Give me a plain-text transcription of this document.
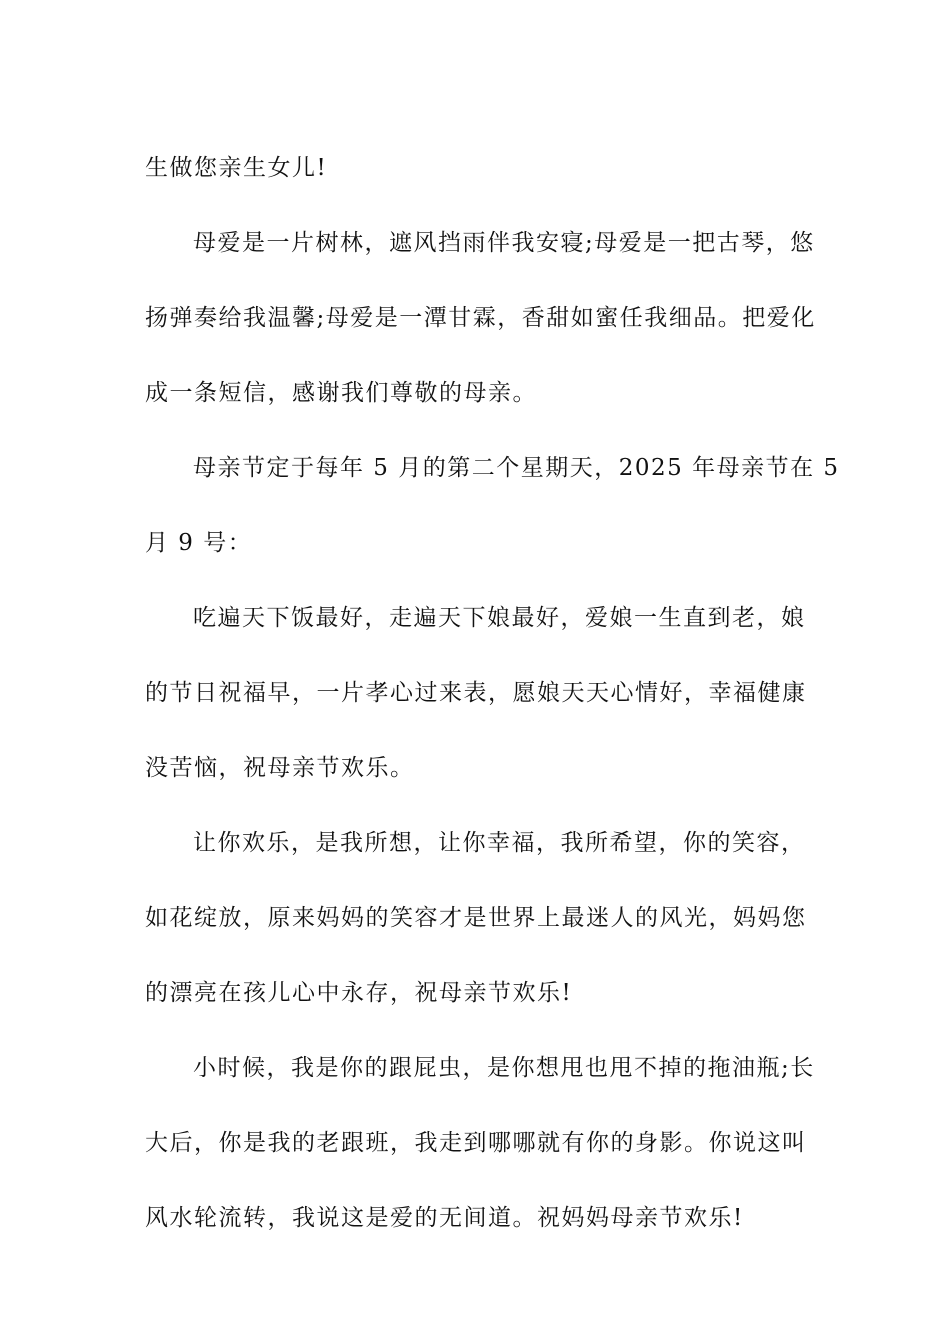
生做您亲生女儿!
母爱是一片树林，遮风挡雨伴我安寝;母爱是一把古琴，悠
扬弹奏给我温馨;母爱是一潭甘霖，香甜如蜜任我细品。把爱化
成一条短信，感谢我们尊敬的母亲。
母亲节定于每年 5 月的第二个星期天，2025 年母亲节在 5
月 9 号：
吃遍天下饭最好，走遍天下娘最好，爱娘一生直到老，娘
的节日祝福早，一片孝心过来表，愿娘天天心情好，幸福健康
没苦恼，祝母亲节欢乐。
让你欢乐，是我所想，让你幸福，我所希望，你的笑容，
如花绽放，原来妈妈的笑容才是世界上最迷人的风光，妈妈您
的漂亮在孩儿心中永存，祝母亲节欢乐!
小时候，我是你的跟屁虫，是你想甩也甩不掉的拖油瓶;长
大后，你是我的老跟班，我走到哪哪就有你的身影。你说这叫
风水轮流转，我说这是爱的无间道。祝妈妈母亲节欢乐!
